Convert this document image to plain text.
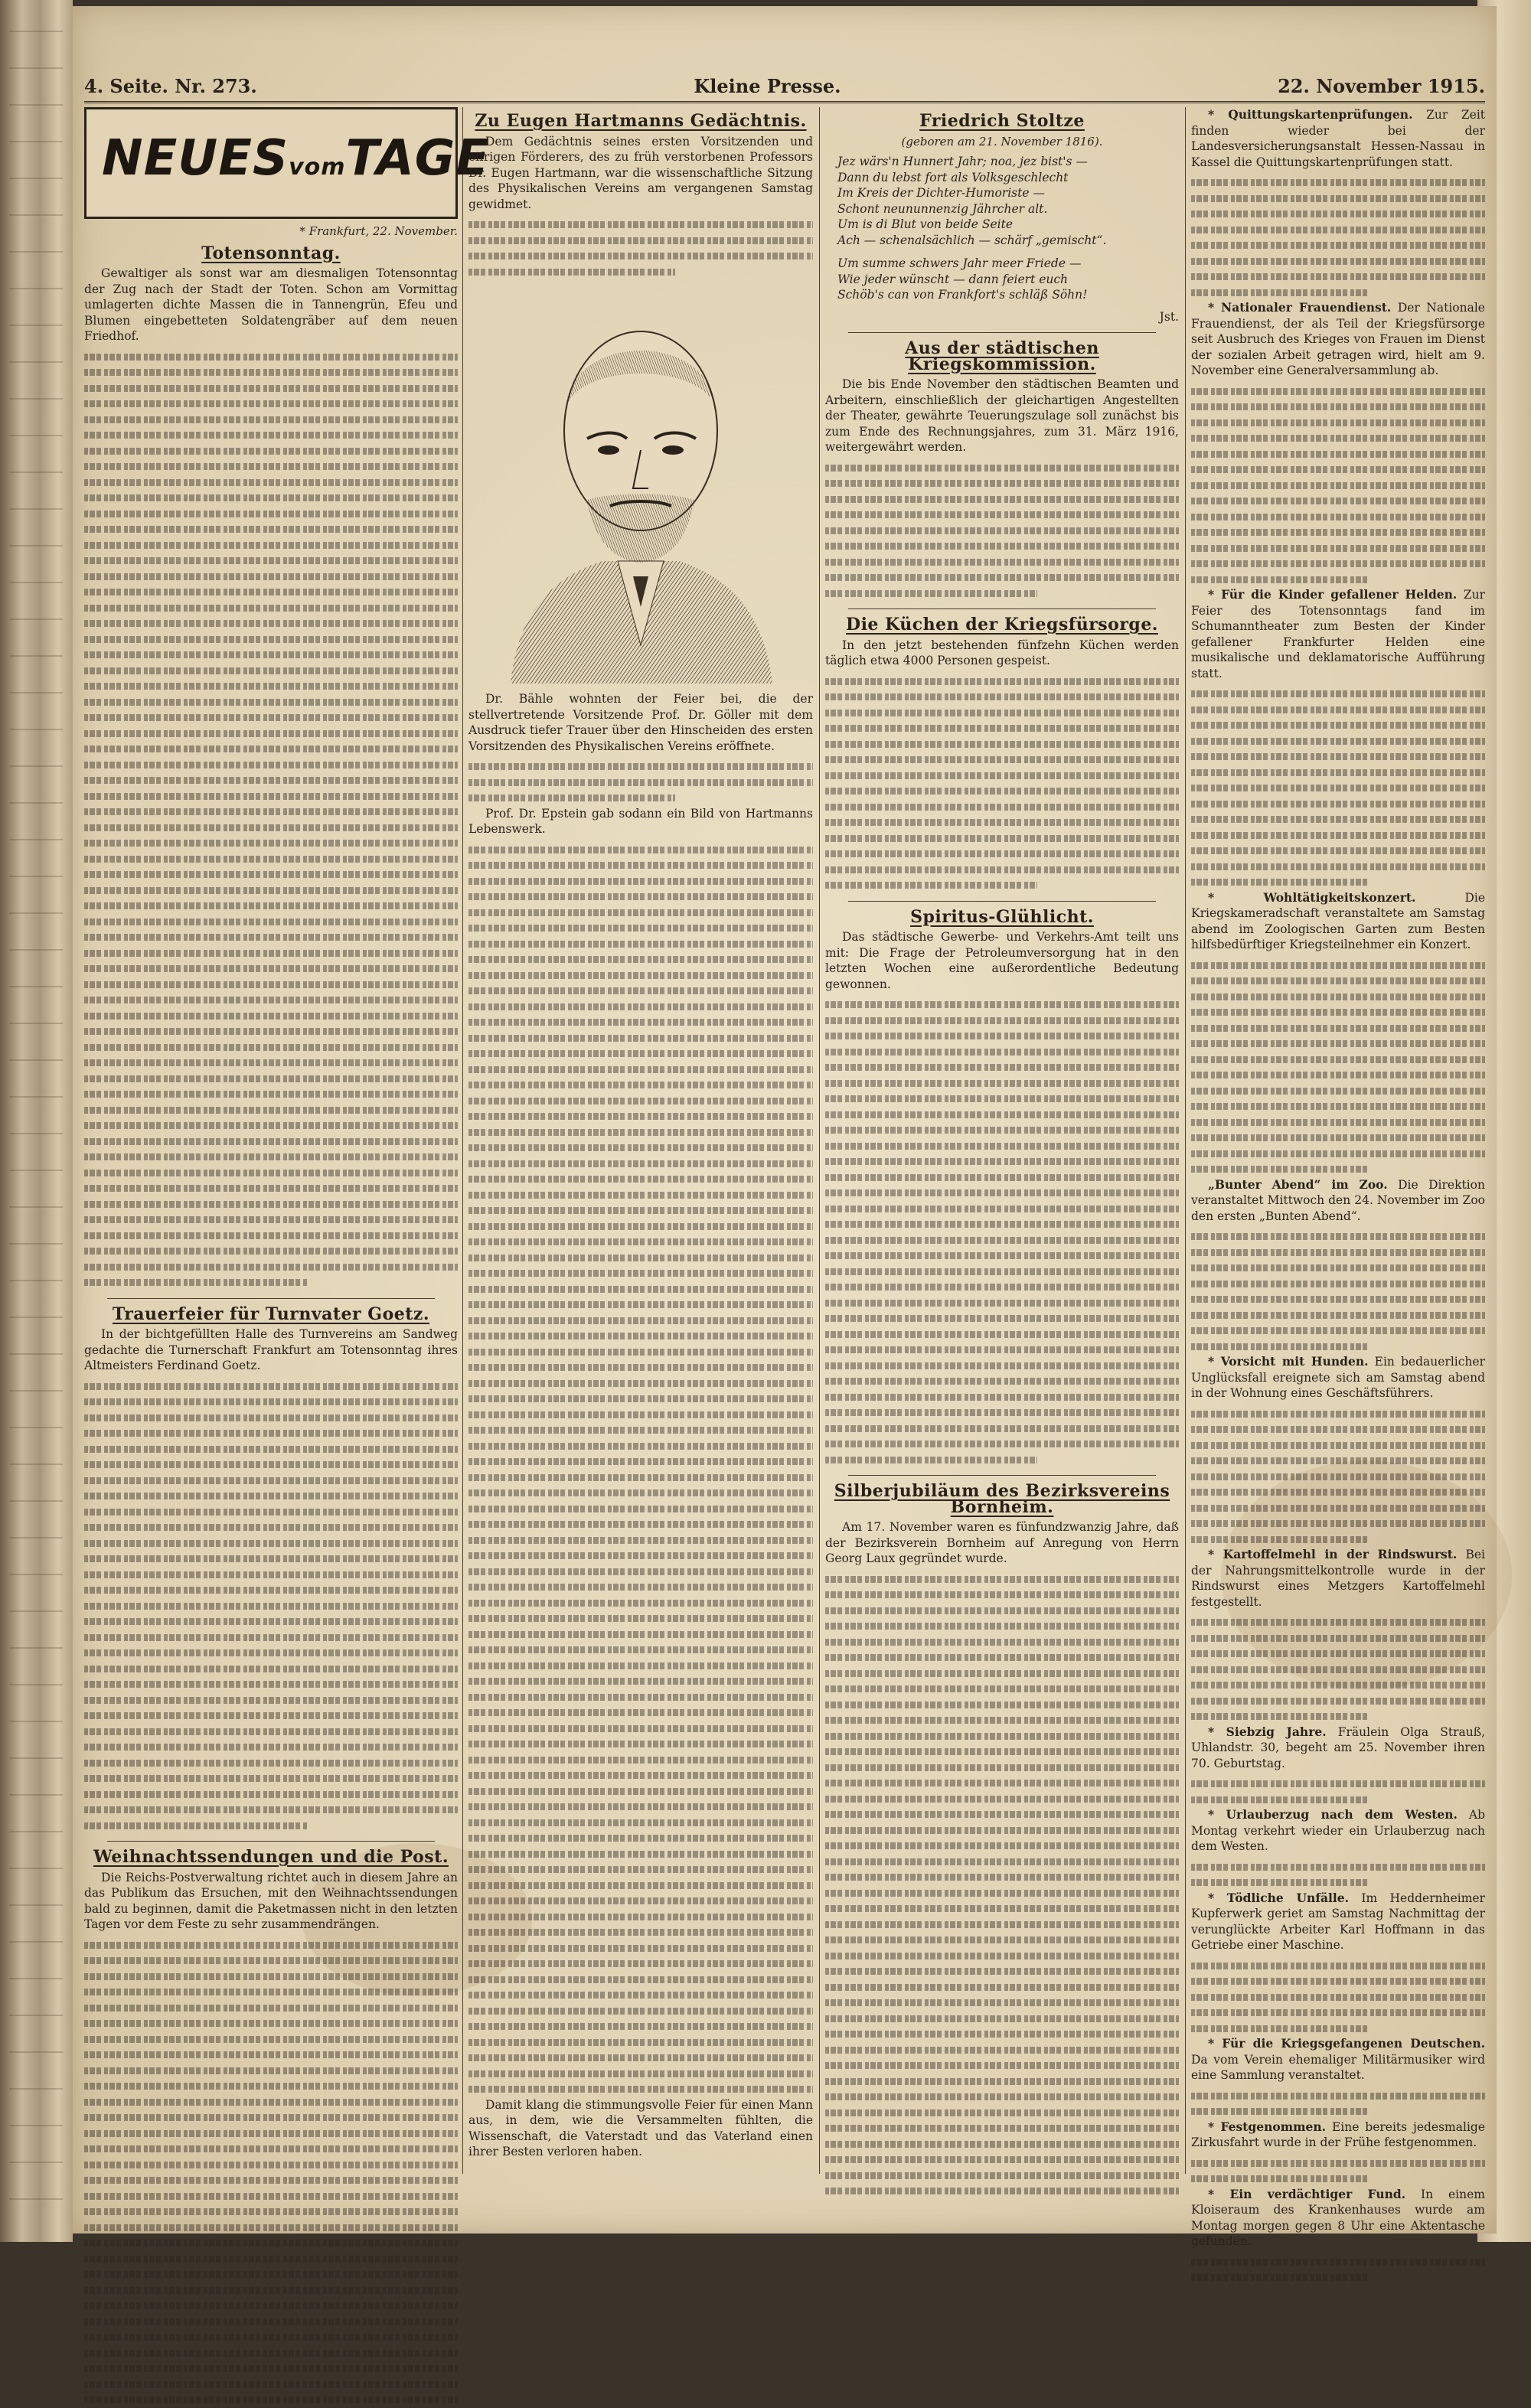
4. Seite. Nr. 273.	Kleine Presse.	22. November 1915.
NEUESvomTAGE
* Frankfurt, 22. November.
Totensonntag.

Gewaltiger als sonst war am diesmaligen Totensonntag der Zug nach der Stadt der Toten. Schon am Vormittag umlagerten dichte Massen die in Tannengrün, Efeu und Blumen eingebetteten Soldatengräber auf dem neuen Friedhof.

Trauerfeier für Turnvater Goetz.

In der bichtgefüllten Halle des Turnvereins am Sandweg gedachte die Turnerschaft Frankfurt am Totensonntag ihres Altmeisters Ferdinand Goetz.

Weihnachtssendungen und die Post.

Die Reichs-Postverwaltung richtet auch in diesem Jahre an das Publikum das Ersuchen, mit den Weihnachtssendungen bald zu beginnen, damit die Paketmassen nicht in den letzten Tagen vor dem Feste zu sehr zusammendrängen.

Zu Eugen Hartmanns Gedächtnis.

Dem Gedächtnis seines ersten Vorsitzenden und eifrigen Förderers, des zu früh verstorbenen Professors Dr. Eugen Hartmann, war die wissenschaftliche Sitzung des Physikalischen Vereins am vergangenen Samstag gewidmet.

Dr. Bähle wohnten der Feier bei, die der stellvertretende Vorsitzende Prof. Dr. Göller mit dem Ausdruck tiefer Trauer über den Hinscheiden des ersten Vorsitzenden des Physikalischen Vereins eröffnete.

Prof. Dr. Epstein gab sodann ein Bild von Hartmanns Lebenswerk.

Damit klang die stimmungsvolle Feier für einen Mann aus, in dem, wie die Versammelten fühlten, die Wissenschaft, die Vaterstadt und das Vaterland einen ihrer Besten verloren haben.

Friedrich Stoltze

(geboren am 21. November 1816).

Jez wärs'n Hunnert Jahr; noa, jez bist's —
Dann du lebst fort als Volksgeschlecht
Im Kreis der Dichter-Humoriste —
Schont neununnenzig Jährcher alt.
Um is di Blut von beide Seite
Ach — schenalsächlich — schärf „gemischt“.
Um summe schwers Jahr meer Friede —
Wie jeder wünscht — dann feiert euch
Schöb's can von Frankfort's schläß Söhn!

Jst.

Aus der städtischen Kriegskommission.

Die bis Ende November den städtischen Beamten und Arbeitern, einschließlich der gleichartigen Angestellten der Theater, gewährte Teuerungszulage soll zunächst bis zum Ende des Rechnungsjahres, zum 31. März 1916, weitergewährt werden.

Die Küchen der Kriegsfürsorge.

In den jetzt bestehenden fünfzehn Küchen werden täglich etwa 4000 Personen gespeist.

Spiritus-Glühlicht.

Das städtische Gewerbe- und Verkehrs-Amt teilt uns mit: Die Frage der Petroleumversorgung hat in den letzten Wochen eine außerordentliche Bedeutung gewonnen.

Silberjubiläum des Bezirksvereins Bornheim.

Am 17. November waren es fünfundzwanzig Jahre, daß der Bezirksverein Bornheim auf Anregung von Herrn Georg Laux gegründet wurde.

* Quittungskartenprüfungen. Zur Zeit finden wieder bei der Landesversicherungsanstalt Hessen-Nassau in Kassel die Quittungskartenprüfungen statt.

* Nationaler Frauendienst. Der Nationale Frauendienst, der als Teil der Kriegsfürsorge seit Ausbruch des Krieges von Frauen im Dienst der sozialen Arbeit getragen wird, hielt am 9. November eine Generalversammlung ab.

* Für die Kinder gefallener Helden. Zur Feier des Totensonntags fand im Schumanntheater zum Besten der Kinder gefallener Frankfurter Helden eine musikalische und deklamatorische Aufführung statt.

* Wohltätigkeitskonzert.	Die Kriegskameradschaft veranstaltete am Samstag abend im Zoologischen Garten zum Besten hilfsbedürftiger Kriegsteilnehmer ein Konzert.

„Bunter Abend“ im Zoo. Die Direktion veranstaltet Mittwoch den 24. November im Zoo den ersten „Bunten Abend“.

* Vorsicht mit Hunden. Ein bedauerlicher Unglücksfall ereignete sich am Samstag abend in der Wohnung eines Geschäftsführers.

* Kartoffelmehl in der Rindswurst. Bei der Nahrungsmittelkontrolle wurde in der Rindswurst eines Metzgers Kartoffelmehl festgestellt.

* Siebzig Jahre. Fräulein Olga Strauß, Uhlandstr. 30, begeht am 25. November ihren 70. Geburtstag.

* Urlauberzug nach dem Westen. Ab Montag verkehrt wieder ein Urlauberzug nach dem Westen.

* Tödliche Unfälle. Im Heddernheimer Kupferwerk geriet am Samstag Nachmittag der verunglückte Arbeiter Karl Hoffmann in das Getriebe einer Maschine.

* Für die Kriegsgefangenen Deutschen. Da vom Verein ehemaliger Militärmusiker wird eine Sammlung veranstaltet.

* Festgenommen. Eine bereits jedesmalige Zirkusfahrt wurde in der Frühe festgenommen.

* Ein verdächtiger Fund. In einem Kloiseraum des Krankenhauses wurde am Montag morgen gegen 8 Uhr eine Aktentasche gefunden.
